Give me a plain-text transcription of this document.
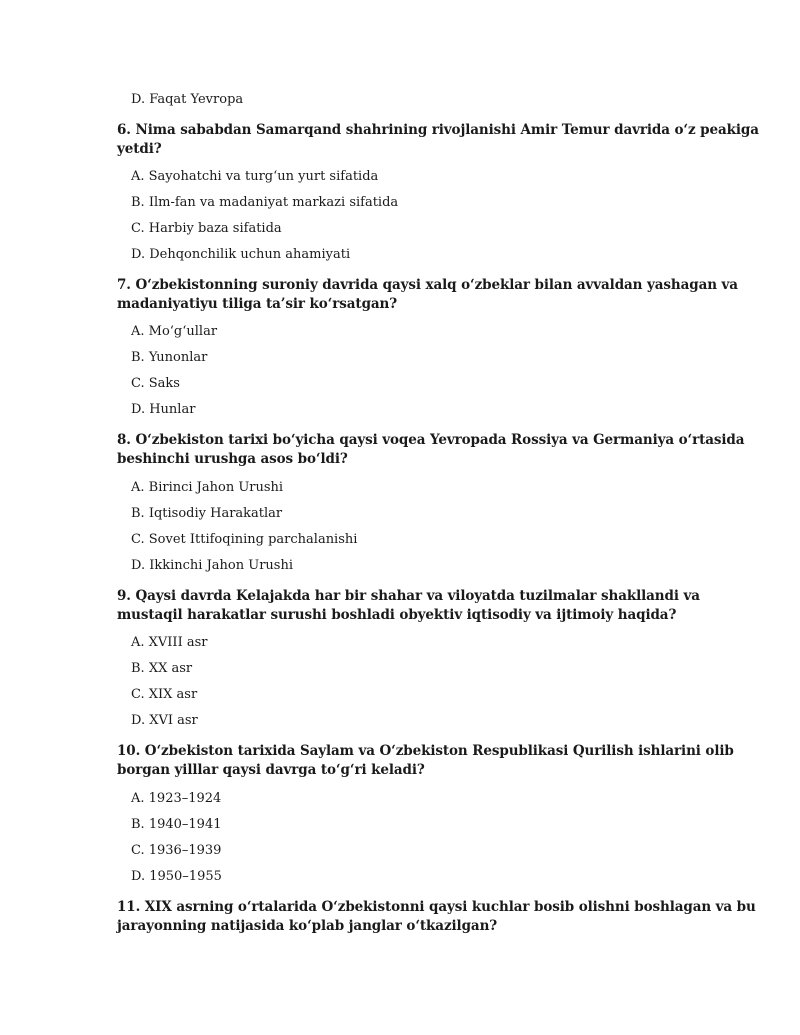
D. Faqat Yevropa
6. Nima sababdan Samarqand shahrining rivojlanishi Amir Temur davrida o‘z peakiga
yetdi?
A. Sayohatchi va turg‘un yurt sifatida
B. Ilm-fan va madaniyat markazi sifatida
C. Harbiy baza sifatida
D. Dehqonchilik uchun ahamiyati
7. O‘zbekistonning suroniy davrida qaysi xalq o‘zbeklar bilan avvaldan yashagan va
madaniyatiyu tiliga ta’sir ko‘rsatgan?
A. Mo‘g‘ullar
B. Yunonlar
C. Saks
D. Hunlar
8. O‘zbekiston tarixi bo‘yicha qaysi voqea Yevropada Rossiya va Germaniya o‘rtasida
beshinchi urushga asos bo‘ldi?
A. Birinci Jahon Urushi
B. Iqtisodiy Harakatlar
C. Sovet Ittifoqining parchalanishi
D. Ikkinchi Jahon Urushi
9. Qaysi davrda Kelajakda har bir shahar va viloyatda tuzilmalar shakllandi va
mustaqil harakatlar surushi boshladi obyektiv iqtisodiy va ijtimoiy haqida?
A. XVIII asr
B. XX asr
C. XIX asr
D. XVI asr
10. O‘zbekiston tarixida Saylam va O‘zbekiston Respublikasi Qurilish ishlarini olib
borgan yilllar qaysi davrga to‘g‘ri keladi?
A. 1923–1924
B. 1940–1941
C. 1936–1939
D. 1950–1955
11. XIX asrning o‘rtalarida O‘zbekistonni qaysi kuchlar bosib olishni boshlagan va bu
jarayonning natijasida ko‘plab janglar o‘tkazilgan?
